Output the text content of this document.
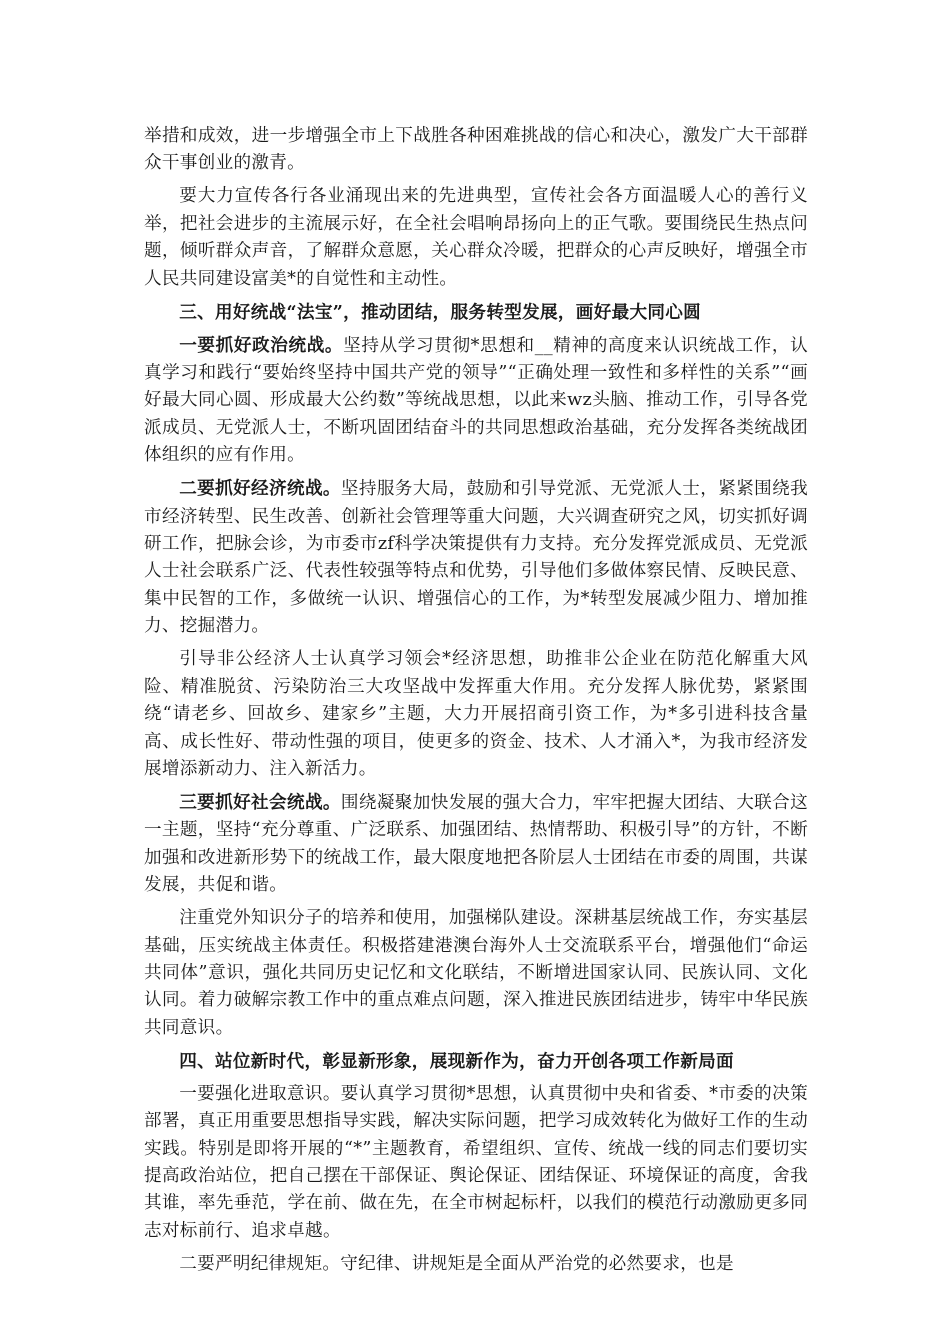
举措和成效，进一步增强全市上下战胜各种困难挑战的信心和决心，激发广大干部群众干事创业的激青。

要大力宣传各行各业涌现出来的先进典型，宣传社会各方面温暖人心的善行义举，把社会进步的主流展示好，在全社会唱响昂扬向上的正气歌。要围绕民生热点问题，倾听群众声音，了解群众意愿，关心群众冷暖，把群众的心声反映好，增强全市人民共同建设富美*的自觉性和主动性。

三、用好统战“法宝”，推动团结，服务转型发展，画好最大同心圆

一要抓好政治统战。坚持从学习贯彻*思想和__精神的高度来认识统战工作，认真学习和践行“要始终坚持中国共产党的领导”“正确处理一致性和多样性的关系”“画好最大同心圆、形成最大公约数”等统战思想，以此来wz头脑、推动工作，引导各党派成员、无党派人士，不断巩固团结奋斗的共同思想政治基础，充分发挥各类统战团体组织的应有作用。

二要抓好经济统战。坚持服务大局，鼓励和引导党派、无党派人士，紧紧围绕我市经济转型、民生改善、创新社会管理等重大问题，大兴调查研究之风，切实抓好调研工作，把脉会诊，为市委市zf科学决策提供有力支持。充分发挥党派成员、无党派人士社会联系广泛、代表性较强等特点和优势，引导他们多做体察民情、反映民意、集中民智的工作，多做统一认识、增强信心的工作，为*转型发展减少阻力、增加推力、挖掘潜力。

引导非公经济人士认真学习领会*经济思想，助推非公企业在防范化解重大风险、精准脱贫、污染防治三大攻坚战中发挥重大作用。充分发挥人脉优势，紧紧围绕“请老乡、回故乡、建家乡”主题，大力开展招商引资工作，为*多引进科技含量高、成长性好、带动性强的项目，使更多的资金、技术、人才涌入*，为我市经济发展增添新动力、注入新活力。

三要抓好社会统战。围绕凝聚加快发展的强大合力，牢牢把握大团结、大联合这一主题，坚持“充分尊重、广泛联系、加强团结、热情帮助、积极引导”的方针，不断加强和改进新形势下的统战工作，最大限度地把各阶层人士团结在市委的周围，共谋发展，共促和谐。

注重党外知识分子的培养和使用，加强梯队建设。深耕基层统战工作，夯实基层基础，压实统战主体责任。积极搭建港澳台海外人士交流联系平台，增强他们“命运共同体”意识，强化共同历史记忆和文化联结，不断增进国家认同、民族认同、文化认同。着力破解宗教工作中的重点难点问题，深入推进民族团结进步，铸牢中华民族共同意识。

四、站位新时代，彰显新形象，展现新作为，奋力开创各项工作新局面

一要强化进取意识。要认真学习贯彻*思想，认真贯彻中央和省委、*市委的决策部署，真正用重要思想指导实践，解决实际问题，把学习成效转化为做好工作的生动实践。特别是即将开展的“*”主题教育，希望组织、宣传、统战一线的同志们要切实提高政治站位，把自己摆在干部保证、舆论保证、团结保证、环境保证的高度，舍我其谁，率先垂范，学在前、做在先，在全市树起标杆，以我们的模范行动激励更多同志对标前行、追求卓越。

二要严明纪律规矩。守纪律、讲规矩是全面从严治党的必然要求，也是
